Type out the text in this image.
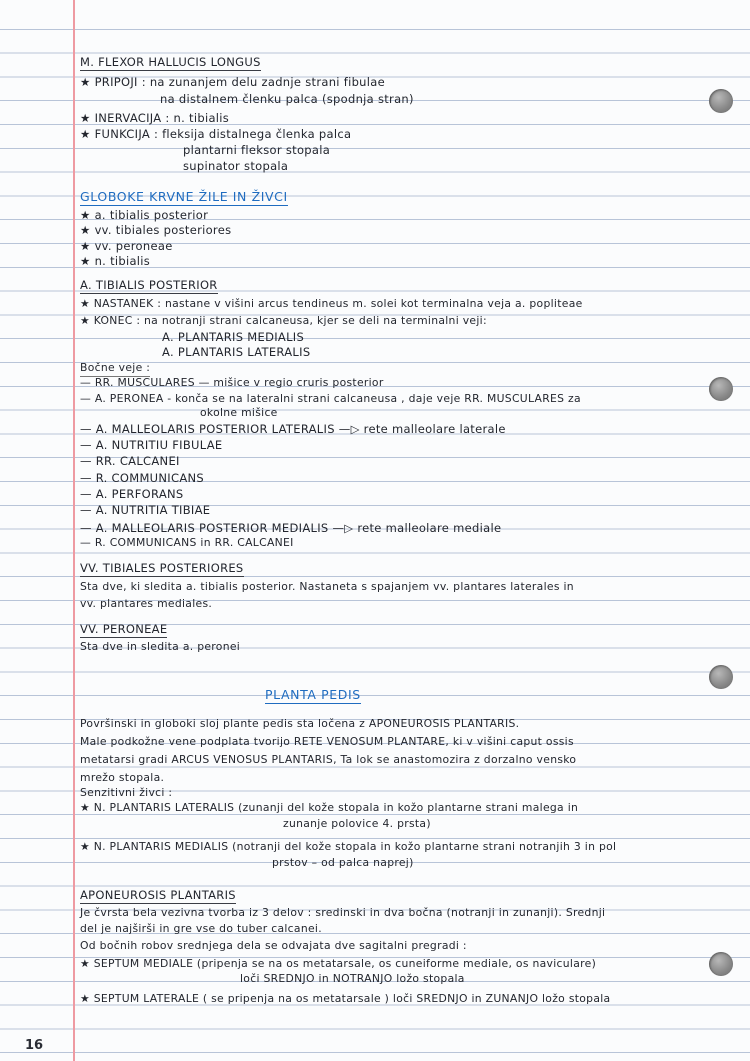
M. FLEXOR HALLUCIS LONGUS
★ PRIPOJI : na zunanjem delu zadnje strani fibulae
na distalnem členku palca (spodnja stran)
★ INERVACIJA : n. tibialis
★ FUNKCIJA : fleksija distalnega členka palca
plantarni fleksor stopala
supinator stopala
GLOBOKE KRVNE ŽILE IN ŽIVCI
★ a. tibialis posterior
★ vv. tibiales posteriores
★ vv. peroneae
★ n. tibialis
A. TIBIALIS POSTERIOR
★ NASTANEK : nastane v višini arcus tendineus m. solei kot terminalna veja a. popliteae
★ KONEC : na notranji strani calcaneusa, kjer se deli na terminalni veji:
A. PLANTARIS MEDIALIS
A. PLANTARIS LATERALIS
Bočne veje :
— RR. MUSCULARES — mišice v regio cruris posterior
— A. PERONEA - konča se na lateralni strani calcaneusa , daje veje RR. MUSCULARES za
okolne mišice
— A. MALLEOLARIS POSTERIOR LATERALIS —▷ rete malleolare laterale
— A. NUTRITIU FIBULAE
— RR. CALCANEI
— R. COMMUNICANS
— A. PERFORANS
— A. NUTRITIA TIBIAE
— A. MALLEOLARIS POSTERIOR MEDIALIS —▷ rete malleolare mediale
— R. COMMUNICANS in RR. CALCANEI
VV. TIBIALES POSTERIORES
Sta dve, ki sledita a. tibialis posterior. Nastaneta s spajanjem vv. plantares laterales in
vv. plantares mediales.
VV. PERONEAE
Sta dve in sledita a. peronei
PLANTA PEDIS
Površinski in globoki sloj plante pedis sta ločena z APONEUROSIS PLANTARIS.
Male podkožne vene podplata tvorijo RETE VENOSUM PLANTARE, ki v višini caput ossis
metatarsi gradi ARCUS VENOSUS PLANTARIS, Ta lok se anastomozira z dorzalno vensko
mrežo stopala.
Senzitivni živci :
★ N. PLANTARIS LATERALIS (zunanji del kože stopala in kožo plantarne strani malega in
zunanje polovice 4. prsta)
★ N. PLANTARIS MEDIALIS (notranji del kože stopala in kožo plantarne strani notranjih 3 in pol
prstov – od palca naprej)
APONEUROSIS PLANTARIS
Je čvrsta bela vezivna tvorba iz 3 delov : sredinski in dva bočna (notranji in zunanji). Srednji
del je najširši in gre vse do tuber calcanei.
Od bočnih robov srednjega dela se odvajata dve sagitalni pregradi :
★ SEPTUM MEDIALE (pripenja se na os metatarsale, os cuneiforme mediale, os naviculare)
loči SREDNJO in NOTRANJO ložo stopala
★ SEPTUM LATERALE ( se pripenja na os metatarsale ) loči SREDNJO in ZUNANJO ložo stopala
16
